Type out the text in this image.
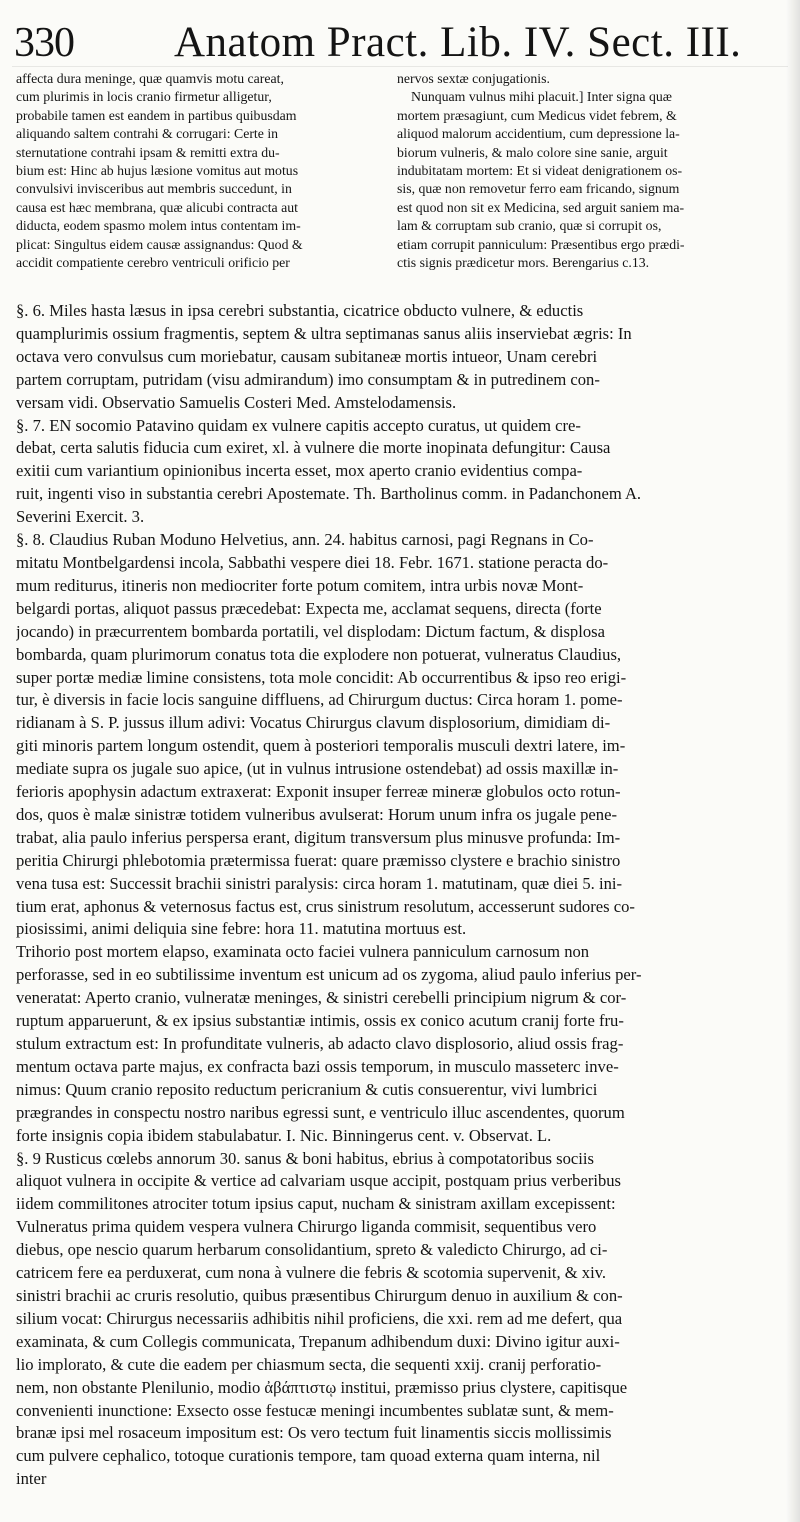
330 Anatom Pract. Lib. IV. Sect. III.
affecta dura meninge, quæ quamvis motu careat,
cum plurimis in locis cranio firmetur alligetur,
probabile tamen est eandem in partibus quibusdam
aliquando saltem contrahi & corrugari: Certe in
sternutatione contrahi ipsam & remitti extra du-
bium est: Hinc ab hujus læsione vomitus aut motus
convulsivi invisceribus aut membris succedunt, in
causa est hæc membrana, quæ alicubi contracta aut
diducta, eodem spasmo molem intus contentam im-
plicat: Singultus eidem causæ assignandus: Quod &
accidit compatiente cerebro ventriculi orificio per
nervos sextæ conjugationis.
Nunquam vulnus mihi placuit.] Inter signa quæ
mortem præsagiunt, cum Medicus videt febrem, &
aliquod malorum accidentium, cum depressione la-
biorum vulneris, & malo colore sine sanie, arguit
indubitatam mortem: Et si videat denigrationem os-
sis, quæ non removetur ferro eam fricando, signum
est quod non sit ex Medicina, sed arguit saniem ma-
lam & corruptam sub cranio, quæ si corrupit os,
etiam corrupit panniculum: Præsentibus ergo prædi-
ctis signis prædicetur mors. Berengarius c.13.
§. 6. Miles hasta læsus in ipsa cerebri substantia, cicatrice obducto vulnere, & eductis
quamplurimis ossium fragmentis, septem & ultra septimanas sanus aliis inserviebat ægris: In
octava vero convulsus cum moriebatur, causam subitaneæ mortis intueor, Unam cerebri
partem corruptam, putridam (visu admirandum) imo consumptam & in putredinem con-
versam vidi. Observatio Samuelis Costeri Med. Amstelodamensis.
§. 7. EN socomio Patavino quidam ex vulnere capitis accepto curatus, ut quidem cre-
debat, certa salutis fiducia cum exiret, xl. à vulnere die morte inopinata defungitur: Causa
exitii cum variantium opinionibus incerta esset, mox aperto cranio evidentius compa-
ruit, ingenti viso in substantia cerebri Apostemate. Th. Bartholinus comm. in Padanchonem A.
Severini Exercit. 3.
§. 8. Claudius Ruban Moduno Helvetius, ann. 24. habitus carnosi, pagi Regnans in Co-
mitatu Montbelgardensi incola, Sabbathi vespere diei 18. Febr. 1671. statione peracta do-
mum rediturus, itineris non mediocriter forte potum comitem, intra urbis novæ Mont-
belgardi portas, aliquot passus præcedebat: Expecta me, acclamat sequens, directa (forte
jocando) in præcurrentem bombarda portatili, vel displodam: Dictum factum, & displosa
bombarda, quam plurimorum conatus tota die explodere non potuerat, vulneratus Claudius,
super portæ mediæ limine consistens, tota mole concidit: Ab occurrentibus & ipso reo erigi-
tur, è diversis in facie locis sanguine diffluens, ad Chirurgum ductus: Circa horam 1. pome-
ridianam à S. P. jussus illum adivi: Vocatus Chirurgus clavum displosorium, dimidiam di-
giti minoris partem longum ostendit, quem à posteriori temporalis musculi dextri latere, im-
mediate supra os jugale suo apice, (ut in vulnus intrusione ostendebat) ad ossis maxillæ in-
ferioris apophysin adactum extraxerat: Exponit insuper ferreæ mineræ globulos octo rotun-
dos, quos è malæ sinistræ totidem vulneribus avulserat: Horum unum infra os jugale pene-
trabat, alia paulo inferius perspersa erant, digitum transversum plus minusve profunda: Im-
peritia Chirurgi phlebotomia prætermissa fuerat: quare præmisso clystere e brachio sinistro
vena tusa est: Successit brachii sinistri paralysis: circa horam 1. matutinam, quæ diei 5. ini-
tium erat, aphonus & veternosus factus est, crus sinistrum resolutum, accesserunt sudores co-
piosissimi, animi deliquia sine febre: hora 11. matutina mortuus est.
Trihorio post mortem elapso, examinata octo faciei vulnera panniculum carnosum non
perforasse, sed in eo subtilissime inventum est unicum ad os zygoma, aliud paulo inferius per-
veneratat: Aperto cranio, vulneratæ meninges, & sinistri cerebelli principium nigrum & cor-
ruptum apparuerunt, & ex ipsius substantiæ intimis, ossis ex conico acutum cranij forte fru-
stulum extractum est: In profunditate vulneris, ab adacto clavo displosorio, aliud ossis frag-
mentum octava parte majus, ex confracta bazi ossis temporum, in musculo masseterc inve-
nimus: Quum cranio reposito reductum pericranium & cutis consuerentur, vivi lumbrici
prægrandes in conspectu nostro naribus egressi sunt, e ventriculo illuc ascendentes, quorum
forte insignis copia ibidem stabulabatur. I. Nic. Binningerus cent. v. Observat. L.
§. 9 Rusticus cœlebs annorum 30. sanus & boni habitus, ebrius à compotatoribus sociis
aliquot vulnera in occipite & vertice ad calvariam usque accipit, postquam prius verberibus
iidem commilitones atrociter totum ipsius caput, nucham & sinistram axillam excepissent:
Vulneratus prima quidem vespera vulnera Chirurgo liganda commisit, sequentibus vero
diebus, ope nescio quarum herbarum consolidantium, spreto & valedicto Chirurgo, ad ci-
catricem fere ea perduxerat, cum nona à vulnere die febris & scotomia supervenit, & xiv.
sinistri brachii ac cruris resolutio, quibus præsentibus Chirurgum denuo in auxilium & con-
silium vocat: Chirurgus necessariis adhibitis nihil proficiens, die xxi. rem ad me defert, qua
examinata, & cum Collegis communicata, Trepanum adhibendum duxi: Divino igitur auxi-
lio implorato, & cute die eadem per chiasmum secta, die sequenti xxij. cranij perforatio-
nem, non obstante Plenilunio, modio ἀβάπτιστῳ institui, præmisso prius clystere, capitisque
convenienti inunctione: Exsecto osse festucæ meningi incumbentes sublatæ sunt, & mem-
branæ ipsi mel rosaceum impositum est: Os vero tectum fuit linamentis siccis mollissimis
cum pulvere cephalico, totoque curationis tempore, tam quoad externa quam interna, nil
inter
